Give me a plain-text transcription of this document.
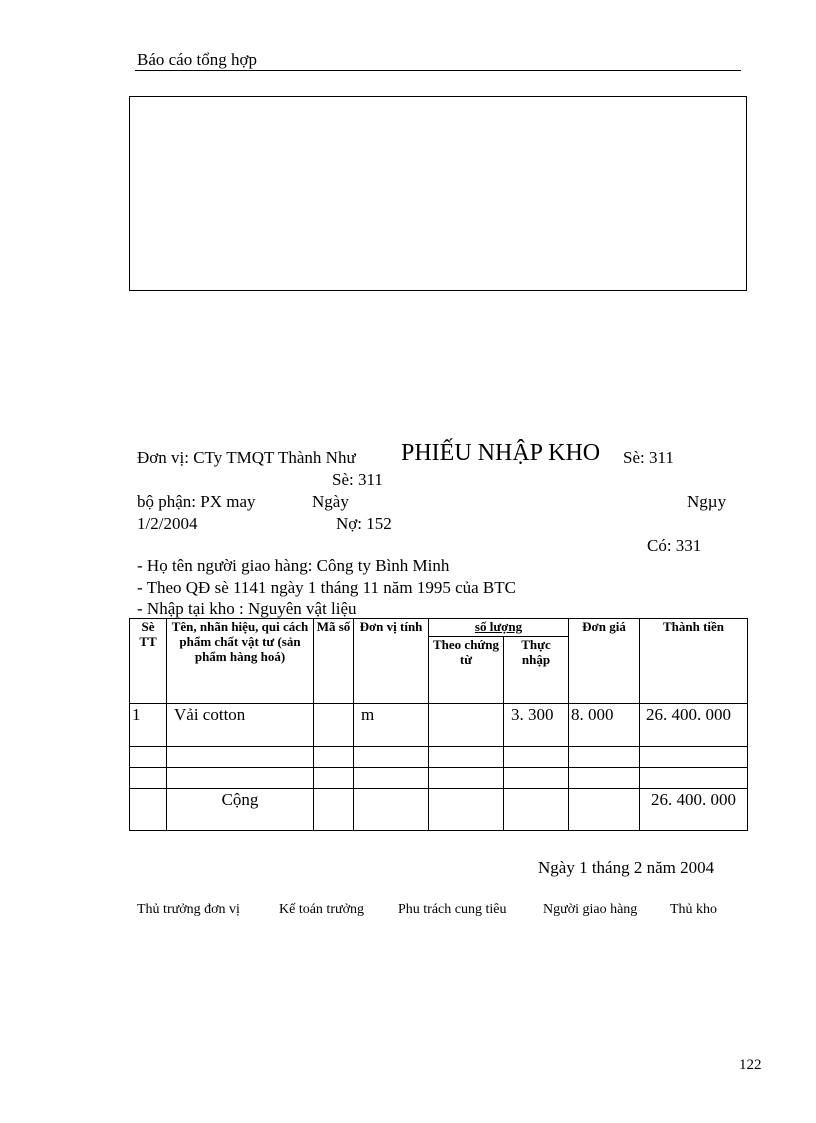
Báo cáo tổng hợp
Đơn vị: CTy TMQT Thành Như PHIẾU NHẬP KHO Sè: 311
Sè: 311
bộ phận: PX may	Ngày	Ngµy
1/2/2004	Nợ: 152
Có: 331
- Họ tên người giao hàng: Công ty Bình Minh
- Theo QĐ sè 1141 ngày 1 tháng 11 năm 1995 của BTC
- Nhập tại kho : Nguyên vật liệu
Sè TT	Tên, nhãn hiệu, qui cách phẩm chất vật tư (sản phẩm hàng hoá)	Mã số	Đơn vị tính	số lượng		Đơn giá	Thành tiền
				Theo chứng từ	Thực nhập		
1	Vải cotton		m		3. 300	8. 000	26. 400. 000

	Cộng						26. 400. 000
Ngày 1 tháng 2 năm 2004
Thủ trưởng đơn vị	Kế toán trưởng Phu trách cung tiêu	Người giao hàng Thủ kho
122
